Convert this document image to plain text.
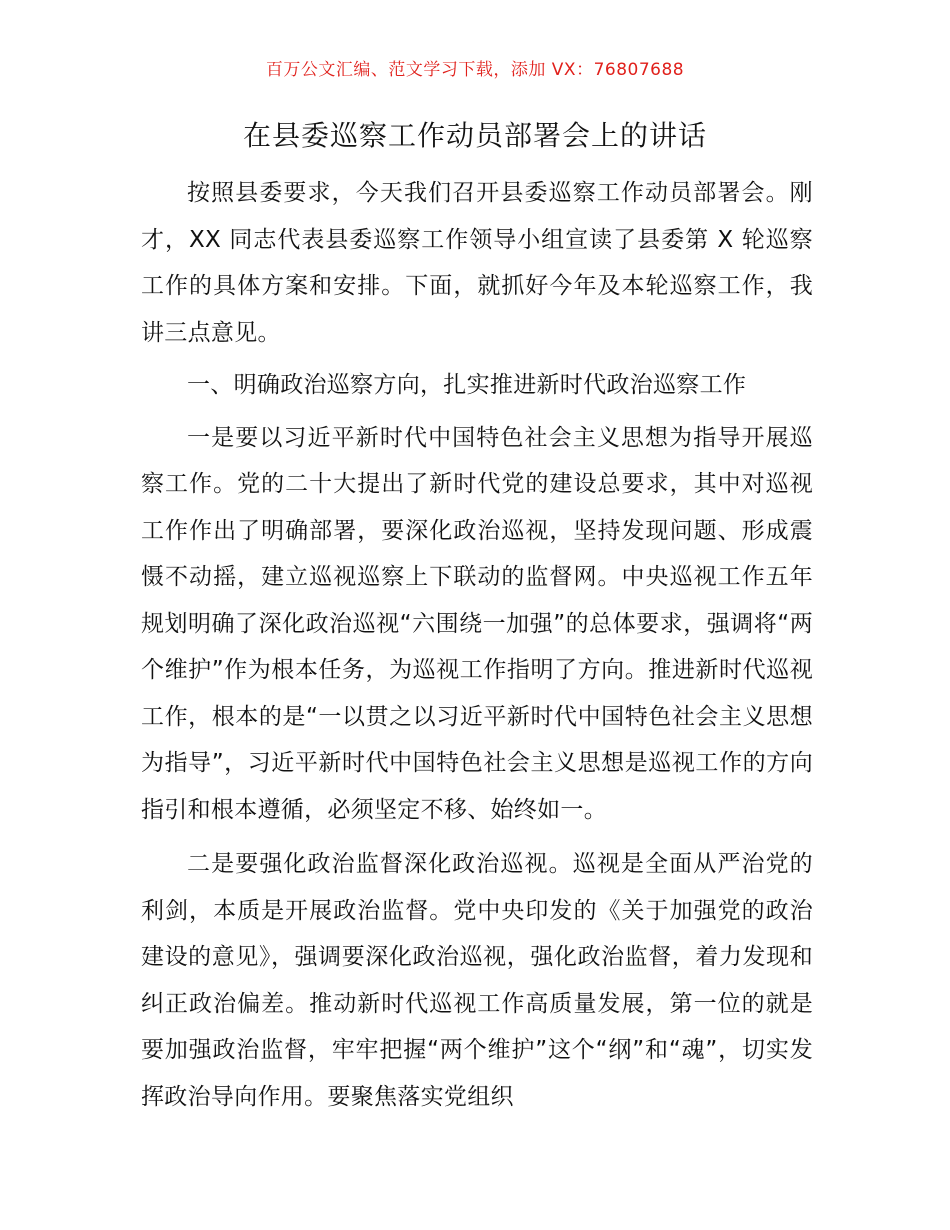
百万公文汇编、范文学习下载，添加 VX：76807688
在县委巡察工作动员部署会上的讲话

按照县委要求，今天我们召开县委巡察工作动员部署会。刚才，XX 同志代表县委巡察工作领导小组宣读了县委第 X 轮巡察工作的具体方案和安排。下面，就抓好今年及本轮巡察工作，我讲三点意见。

一、明确政治巡察方向，扎实推进新时代政治巡察工作

一是要以习近平新时代中国特色社会主义思想为指导开展巡察工作。党的二十大提出了新时代党的建设总要求，其中对巡视工作作出了明确部署，要深化政治巡视，坚持发现问题、形成震慑不动摇，建立巡视巡察上下联动的监督网。中央巡视工作五年规划明确了深化政治巡视“六围绕一加强”的总体要求，强调将“两个维护”作为根本任务，为巡视工作指明了方向。推进新时代巡视工作，根本的是“一以贯之以习近平新时代中国特色社会主义思想为指导”，习近平新时代中国特色社会主义思想是巡视工作的方向指引和根本遵循，必须坚定不移、始终如一。

二是要强化政治监督深化政治巡视。巡视是全面从严治党的利剑，本质是开展政治监督。党中央印发的《关于加强党的政治建设的意见》，强调要深化政治巡视，强化政治监督，着力发现和纠正政治偏差。推动新时代巡视工作高质量发展，第一位的就是要加强政治监督，牢牢把握“两个维护”这个“纲”和“魂”，切实发挥政治导向作用。要聚焦落实党组织
